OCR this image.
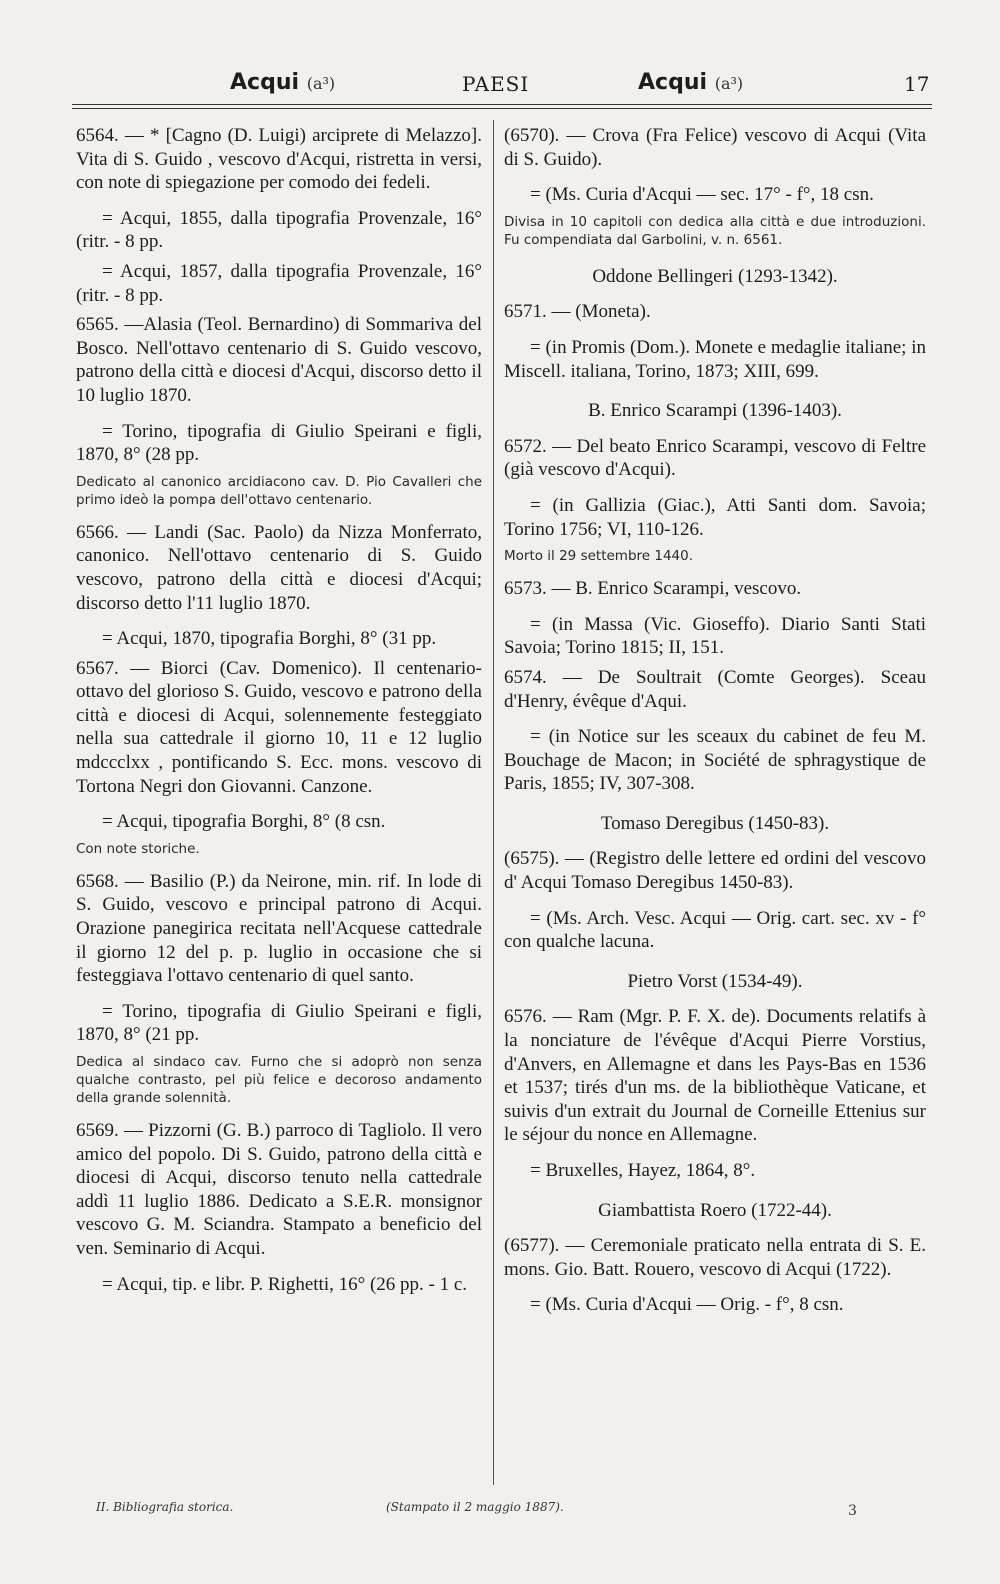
Acqui (a³)	PAESI	Acqui (a³)	17

6564. — * [Cagno (D. Luigi) arciprete di Melazzo]. Vita di S. Guido , vescovo d'Acqui, ristretta in versi, con note di spiegazione per comodo dei fedeli.

= Acqui, 1855, dalla tipografia Provenzale, 16° (ritr. - 8 pp.

= Acqui, 1857, dalla tipografia Provenzale, 16° (ritr. - 8 pp.

6565. —Alasia (Teol. Bernardino) di Sommariva del Bosco. Nell'ottavo centenario di S. Guido vescovo, patrono della città e diocesi d'Acqui, discorso detto il 10 luglio 1870.

= Torino, tipografia di Giulio Speirani e figli, 1870, 8° (28 pp.

Dedicato al canonico arcidiacono cav. D. Pio Cavalleri che primo ideò la pompa dell'ottavo centenario.

6566. — Landi (Sac. Paolo) da Nizza Monferrato, canonico. Nell'ottavo centenario di S. Guido vescovo, patrono della città e diocesi d'Acqui; discorso detto l'11 luglio 1870.

= Acqui, 1870, tipografia Borghi, 8° (31 pp.

6567. — Biorci (Cav. Domenico). Il centenario-ottavo del glorioso S. Guido, vescovo e patrono della città e diocesi di Acqui, solennemente festeggiato nella sua cattedrale il giorno 10, 11 e 12 luglio mdccclxx , pontificando S. Ecc. mons. vescovo di Tortona Negri don Giovanni. Canzone.

= Acqui, tipografia Borghi, 8° (8 csn.

Con note storiche.

6568. — Basilio (P.) da Neirone, min. rif. In lode di S. Guido, vescovo e principal patrono di Acqui. Orazione panegirica recitata nell'Acquese cattedrale il giorno 12 del p. p. luglio in occasione che si festeggiava l'ottavo centenario di quel santo.

= Torino, tipografia di Giulio Speirani e figli, 1870, 8° (21 pp.

Dedica al sindaco cav. Furno che si adoprò non senza qualche contrasto, pel più felice e decoroso andamento della grande solennità.

6569. — Pizzorni (G. B.) parroco di Tagliolo. Il vero amico del popolo. Di S. Guido, patrono della città e diocesi di Acqui, discorso tenuto nella cattedrale addì 11 luglio 1886. Dedicato a S.E.R. monsignor vescovo G. M. Sciandra. Stampato a beneficio del ven. Seminario di Acqui.

= Acqui, tip. e libr. P. Righetti, 16° (26 pp. - 1 c.

(6570). — Crova (Fra Felice) vescovo di Acqui (Vita di S. Guido).

= (Ms. Curia d'Acqui — sec. 17° - f°, 18 csn.

Divisa in 10 capitoli con dedica alla città e due introduzioni. Fu compendiata dal Garbolini, v. n. 6561.

Oddone Bellingeri (1293-1342).

6571. — (Moneta).

= (in Promis (Dom.). Monete e medaglie italiane; in Miscell. italiana, Torino, 1873; XIII, 699.

B. Enrico Scarampi (1396-1403).

6572. — Del beato Enrico Scarampi, vescovo di Feltre (già vescovo d'Acqui).

= (in Gallizia (Giac.), Atti Santi dom. Savoia; Torino 1756; VI, 110-126.

Morto il 29 settembre 1440.

6573. — B. Enrico Scarampi, vescovo.

= (in Massa (Vic. Gioseffo). Diario Santi Stati Savoia; Torino 1815; II, 151.

6574. — De Soultrait (Comte Georges). Sceau d'Henry, évêque d'Aqui.

= (in Notice sur les sceaux du cabinet de feu M. Bouchage de Macon; in Société de sphragystique de Paris, 1855; IV, 307-308.

Tomaso Deregibus (1450-83).

(6575). — (Registro delle lettere ed ordini del vescovo d' Acqui Tomaso Deregibus 1450-83).

= (Ms. Arch. Vesc. Acqui — Orig. cart. sec. xv - f° con qualche lacuna.

Pietro Vorst (1534-49).

6576. — Ram (Mgr. P. F. X. de). Documents relatifs à la nonciature de l'évêque d'Acqui Pierre Vorstius, d'Anvers, en Allemagne et dans les Pays-Bas en 1536 et 1537; tirés d'un ms. de la bibliothèque Vaticane, et suivis d'un extrait du Journal de Corneille Ettenius sur le séjour du nonce en Allemagne.

= Bruxelles, Hayez, 1864, 8°.

Giambattista Roero (1722-44).

(6577). — Ceremoniale praticato nella entrata di S. E. mons. Gio. Batt. Rouero, vescovo di Acqui (1722).

= (Ms. Curia d'Acqui — Orig. - f°, 8 csn.

II. Bibliografia storica.	(Stampato il 2 maggio 1887).	3
